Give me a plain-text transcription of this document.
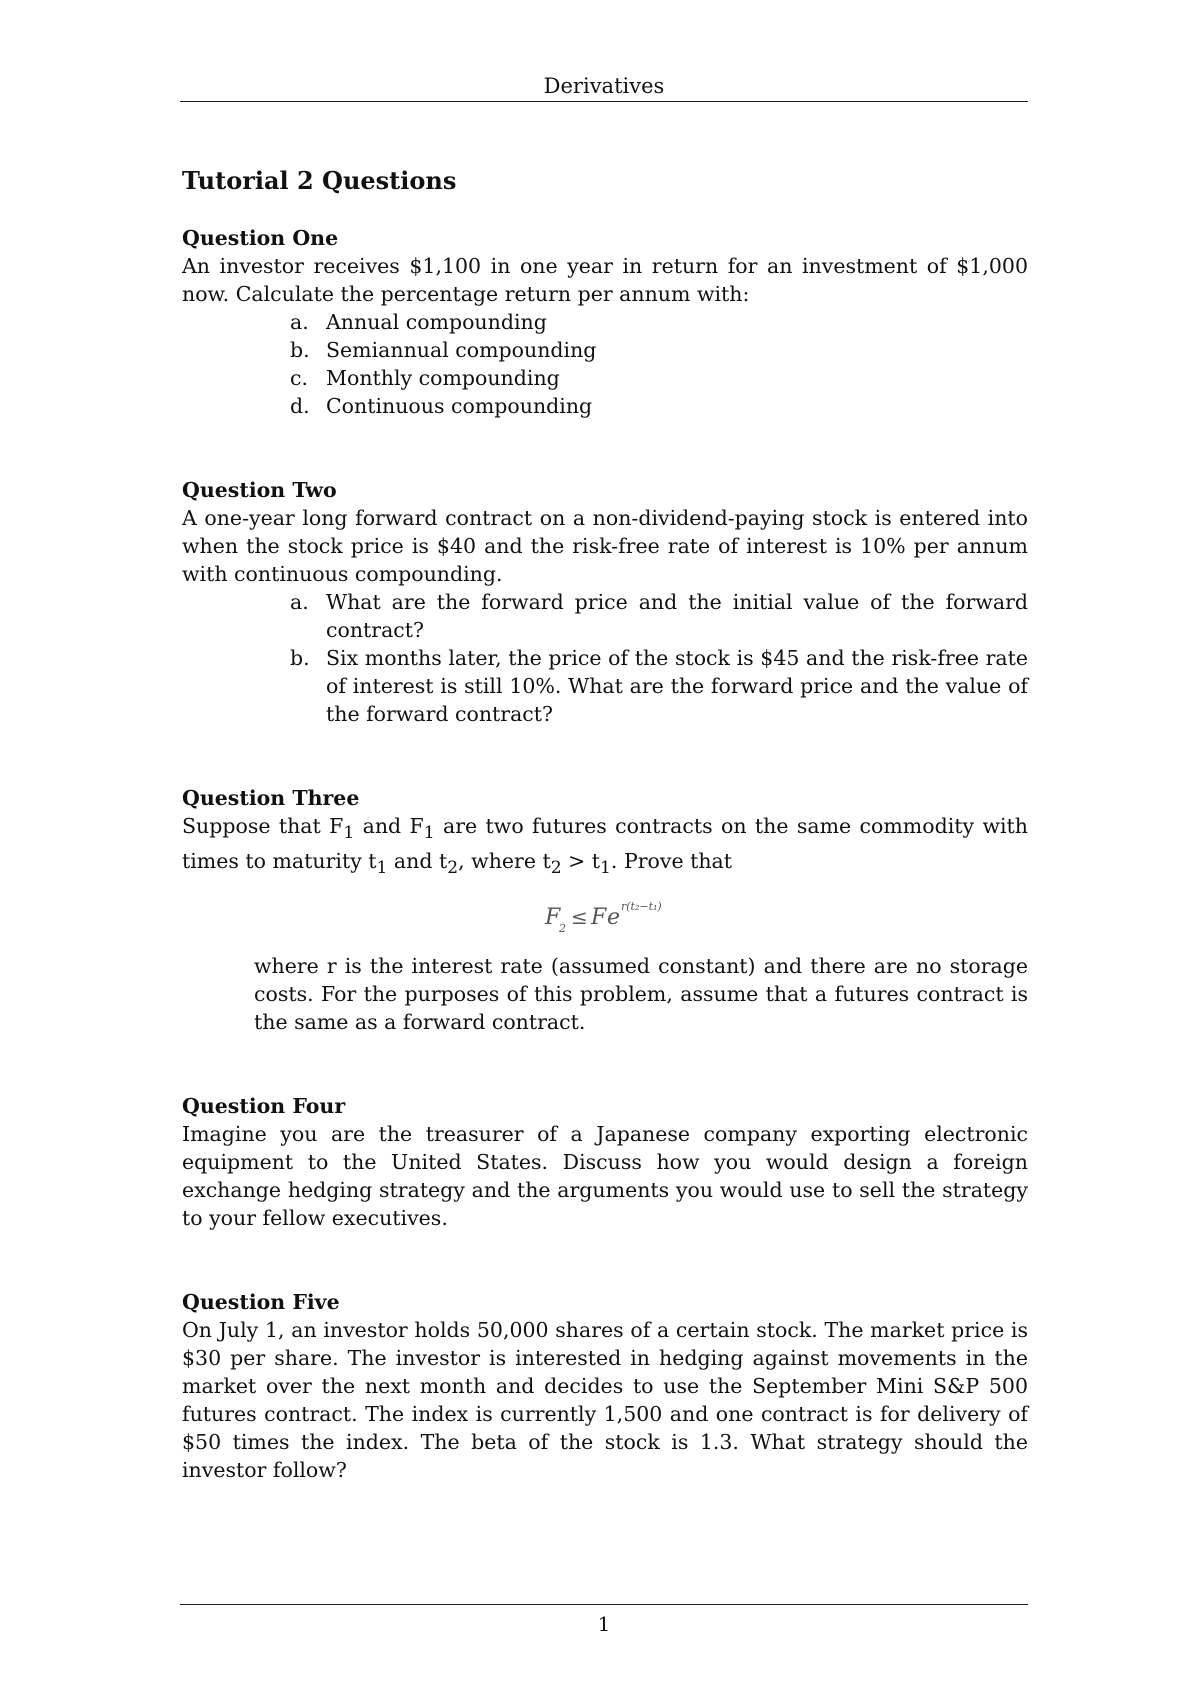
Derivatives
Tutorial 2 Questions
Question One

An investor receives $1,100 in one year in return for an investment of $1,000 now. Calculate the percentage return per annum with:

a. Annual compounding
b. Semiannual compounding
c. Monthly compounding
d. Continuous compounding
Question Two

A one-year long forward contract on a non-dividend-paying stock is entered into when the stock price is $40 and the risk-free rate of interest is 10% per annum with continuous compounding.

a. What are the forward price and the initial value of the forward contract?
b. Six months later, the price of the stock is $45 and the risk-free rate of interest is still 10%. What are the forward price and the value of the forward contract?
Question Three

Suppose that $F_1$ and $F_1$ are two futures contracts on the same commodity with times to maturity $t_1$ and $t_2$, where $t_2 > t_1$. Prove that

F
2 ≤ F e r(t₂−t₁)

where r is the interest rate (assumed constant) and there are no storage costs. For the purposes of this problem, assume that a futures contract is the same as a forward contract.

Question Four

Imagine you are the treasurer of a Japanese company exporting electronic equipment to the United States. Discuss how you would design a foreign exchange hedging strategy and the arguments you would use to sell the strategy to your fellow executives.

Question Five

On July 1, an investor holds 50,000 shares of a certain stock. The market price is $30 per share. The investor is interested in hedging against movements in the market over the next month and decides to use the September Mini S&P 500 futures contract. The index is currently 1,500 and one contract is for delivery of $50 times the index. The beta of the stock is 1.3. What strategy should the investor follow?

1
